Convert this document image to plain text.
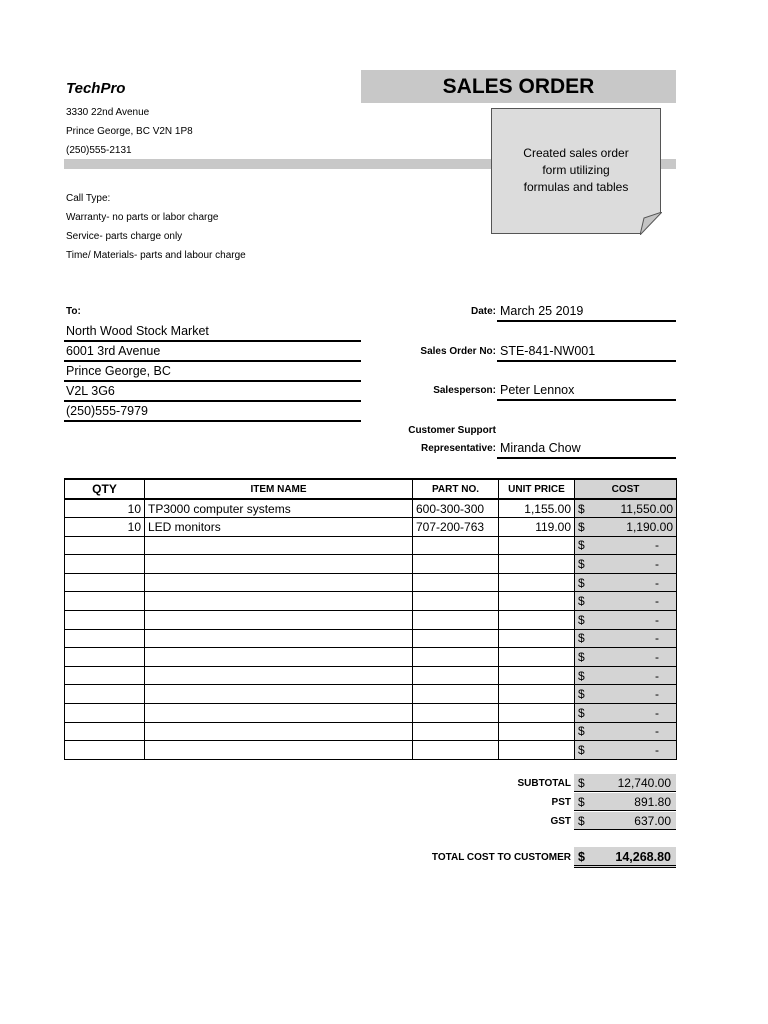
TechPro
3330 22nd Avenue
Prince George, BC V2N 1P8
(250)555-2131
SALES ORDER
Created sales order
form utilizing
formulas and tables
Call Type:
Warranty- no parts or labor charge
Service- parts charge only
Time/ Materials- parts and labour charge
To:
North Wood Stock Market
6001 3rd Avenue
Prince George, BC
V2L 3G6
(250)555-7979
Date: March 25 2019
Sales Order No: STE-841-NW001
Salesperson: Peter Lennox
Customer Support
Representative: Miranda Chow
QTY	ITEM NAME	PART NO.	UNIT PRICE	COST
10	TP3000 computer systems	600-300-300	1,155.00	$ 11,550.00

10	LED monitors	707-200-763	119.00	$ 1,190.00

				$ -

				$ -

				$ -

				$ -

				$ -

				$ -

				$ -

				$ -

				$ -

				$ -

				$ -

				$ -
SUBTOTAL $	12,740.00
PST $	891.80
GST $	637.00
TOTAL COST TO CUSTOMER $ 14,268.80
